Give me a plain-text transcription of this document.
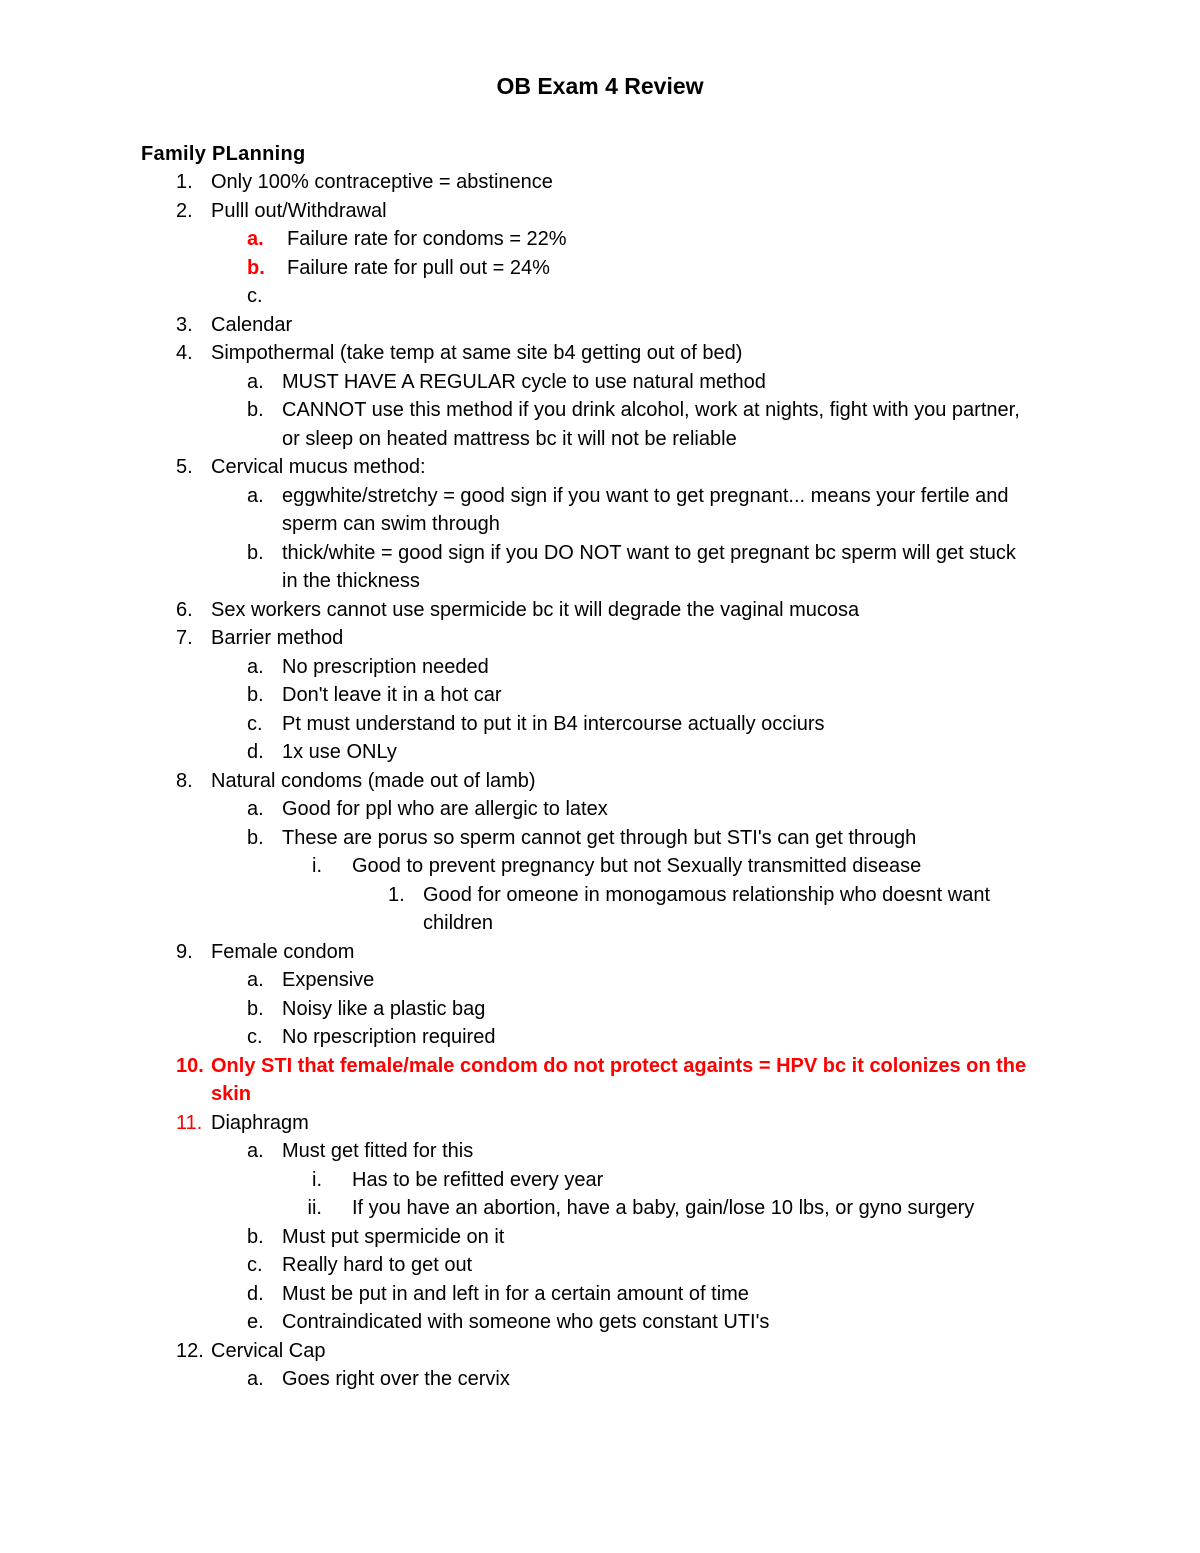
OB Exam 4 Review
Family PLanning
1. Only 100% contraceptive = abstinence
2. Pulll out/Withdrawal
a. Failure rate for condoms = 22%
b. Failure rate for pull out = 24%
c.
3. Calendar
4. Simpothermal (take temp at same site b4 getting out of bed)
a. MUST HAVE A REGULAR cycle to use natural method
b. CANNOT use this method if you drink alcohol, work at nights, fight with you partner, or sleep on heated mattress bc it will not be reliable
5. Cervical mucus method:
a. eggwhite/stretchy = good sign if you want to get pregnant... means your fertile and sperm can swim through
b. thick/white = good sign if you DO NOT want to get pregnant bc sperm will get stuck in the thickness
6. Sex workers cannot use spermicide bc it will degrade the vaginal mucosa
7. Barrier method
a. No prescription needed
b. Don't leave it in a hot car
c. Pt must understand to put it in B4 intercourse actually occiurs
d. 1x use ONLy
8. Natural condoms (made out of lamb)
a. Good for ppl who are allergic to latex
b. These are porus so sperm cannot get through but STI's can get through
i. Good to prevent pregnancy but not Sexually transmitted disease
1. Good for omeone in monogamous relationship who doesnt want children
9. Female condom
a. Expensive
b. Noisy like a plastic bag
c. No rpescription required
10. Only STI that female/male condom do not protect againts = HPV bc it colonizes on the skin
11. Diaphragm
a. Must get fitted for this
i. Has to be refitted every year
ii. If you have an abortion, have a baby, gain/lose 10 lbs, or gyno surgery
b. Must put spermicide on it
c. Really hard to get out
d. Must be put in and left in for a certain amount of time
e. Contraindicated with someone who gets constant UTI's
12. Cervical Cap
a. Goes right over the cervix
